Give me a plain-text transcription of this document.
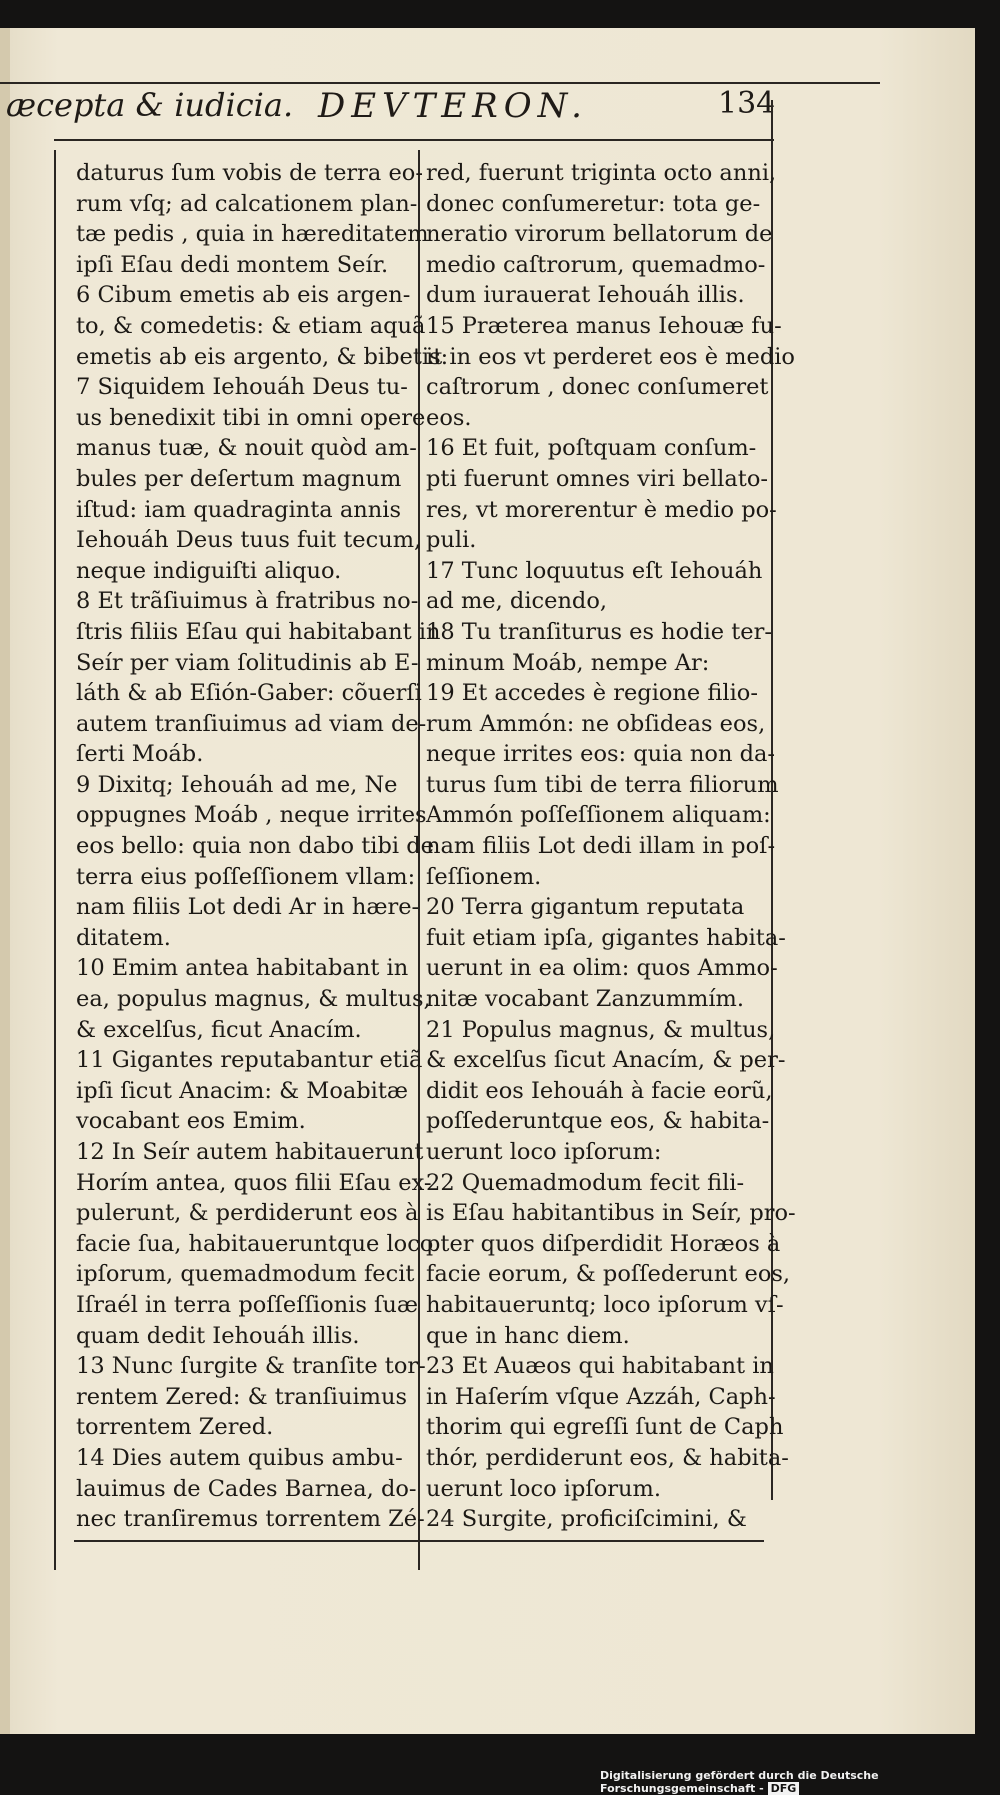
ӕcepta & iudicia. DEVTERON.	134
daturus ſum vobis de terra eo-
rum vſq; ad calcationem plan-
tæ pedis , quia in hæreditatem
ipſi Eſau dedi montem Seír.
6 Cibum emetis ab eis argen-
to, & comedetis: & etiam aquã
emetis ab eis argento, & bibetis:
7 Siquidem Iehouáh Deus tu-
us benedixit tibi in omni opere
manus tuæ, & nouit quòd am-
bules per deſertum magnum
iſtud: iam quadraginta annis
Iehouáh Deus tuus fuit tecum,
neque indiguiſti aliquo.
8 Et trãſiuimus à fratribus no-
ſtris filiis Eſau qui habitabant in
Seír per viam ſolitudinis ab E-
láth & ab Eſión-Gaber: cõuerſi
autem tranſiuimus ad viam de-
ſerti Moáb.
9 Dixitq; Iehouáh ad me, Ne
oppugnes Moáb , neque irrites
eos bello: quia non dabo tibi de
terra eius poſſeſſionem vllam:
nam filiis Lot dedi Ar in hære-
ditatem.
10 Emim antea habitabant in
ea, populus magnus, & multus,
& excelſus, ficut Anacím.
11 Gigantes reputabantur etiã
ipſi ſicut Anacim: & Moabitæ
vocabant eos Emim.
12 In Seír autem habitauerunt
Horím antea, quos filii Eſau ex-
pulerunt, & perdiderunt eos à
facie ſua, habitaueruntque loco
ipſorum, quemadmodum fecit
Iſraél in terra poſſeſſionis ſuæ
quam dedit Iehouáh illis.
13 Nunc ſurgite & tranſite tor-
rentem Zered: & tranſiuimus
torrentem Zered.
14 Dies autem quibus ambu-
lauimus de Cades Barnea, do-
nec tranſiremus torrentem Zé-
red, fuerunt triginta octo anni,
donec conſumeretur: tota ge-
neratio virorum bellatorum de
medio caſtrorum, quemadmo-
dum iurauerat Iehouáh illis.
15 Præterea manus Iehouæ fu-
it in eos vt perderet eos è medio
caſtrorum , donec conſumeret
eos.
16 Et fuit, poſtquam conſum-
pti fuerunt omnes viri bellato-
res, vt morerentur è medio po-
puli.
17 Tunc loquutus eſt Iehouáh
ad me, dicendo,
18 Tu tranſiturus es hodie ter-
minum Moáb, nempe Ar:
19 Et accedes è regione filio-
rum Ammón: ne obſideas eos,
neque irrites eos: quia non da-
turus ſum tibi de terra filiorum
Ammón poſſeſſionem aliquam:
nam filiis Lot dedi illam in poſ-
ſeſſionem.
20 Terra gigantum reputata
fuit etiam ipſa, gigantes habita-
uerunt in ea olim: quos Ammo-
nitæ vocabant Zanzummím.
21 Populus magnus, & multus,
& excelſus ſicut Anacím, & per-
didit eos Iehouáh à facie eorũ,
poſſederuntque eos, & habita-
uerunt loco ipſorum:
22 Quemadmodum fecit fili-
is Eſau habitantibus in Seír, pro-
pter quos diſperdidit Horæos à
facie eorum, & poſſederunt eos,
habitaueruntq; loco ipſorum vſ-
que in hanc diem.
23 Et Auæos qui habitabant in
in Haſerím vſque Azzáh, Caph-
thorim qui egreſſi ſunt de Caph
thór, perdiderunt eos, & habita-
uerunt loco ipſorum.
24 Surgite, proficiſcimini, &
Digitalisierung gefördert durch die Deutsche Forschungsgemeinschaft - DFG
